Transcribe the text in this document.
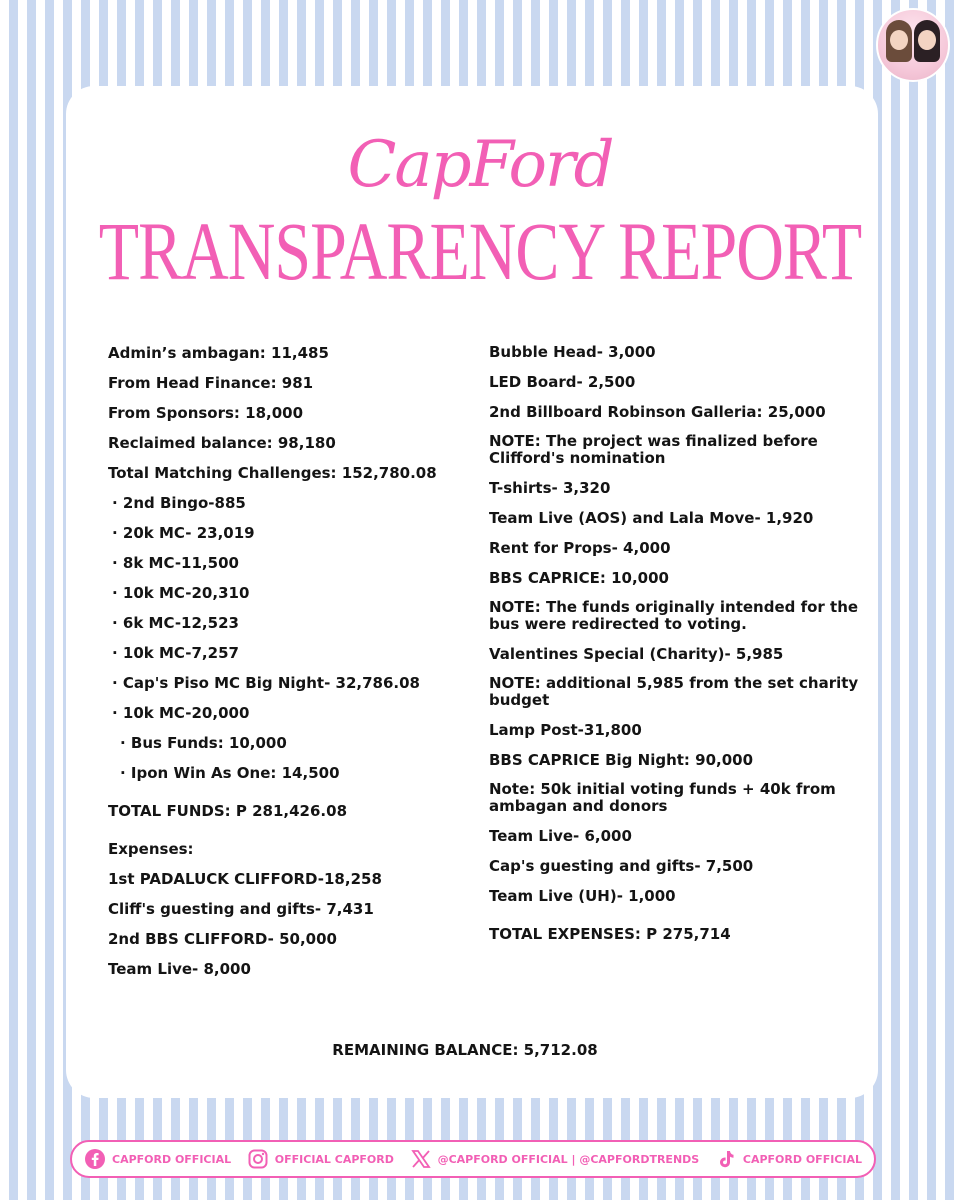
CapFord
TRANSPARENCY REPORT

Admin’s ambagan: 11,485

From Head Finance: 981

From Sponsors: 18,000

Reclaimed balance: 98,180

Total Matching Challenges: 152,780.08

· 2nd Bingo-885

· 20k MC- 23,019

· 8k MC-11,500

· 10k MC-20,310

· 6k MC-12,523

· 10k MC-7,257

· Cap's Piso MC Big Night- 32,786.08

· 10k MC-20,000

· Bus Funds: 10,000

· Ipon Win As One: 14,500

TOTAL FUNDS: P 281,426.08

Expenses:

1st PADALUCK CLIFFORD-18,258

Cliff's guesting and gifts- 7,431

2nd BBS CLIFFORD- 50,000

Team Live- 8,000

Bubble Head- 3,000

LED Board- 2,500

2nd Billboard Robinson Galleria: 25,000

NOTE: The project was finalized before Clifford's nomination

T-shirts- 3,320

Team Live (AOS) and Lala Move- 1,920

Rent for Props- 4,000

BBS CAPRICE: 10,000

NOTE: The funds originally intended for the bus were redirected to voting.

Valentines Special (Charity)- 5,985

NOTE: additional 5,985 from the set charity budget

Lamp Post-31,800

BBS CAPRICE Big Night: 90,000

Note: 50k initial voting funds + 40k from ambagan and donors

Team Live- 6,000

Cap's guesting and gifts- 7,500

Team Live (UH)- 1,000

TOTAL EXPENSES: P 275,714

REMAINING BALANCE: 5,712.08
CAPFORD OFFICIAL	OFFICIAL CAPFORD	@CAPFORD OFFICIAL | @CAPFORDTRENDS	CAPFORD OFFICIAL
